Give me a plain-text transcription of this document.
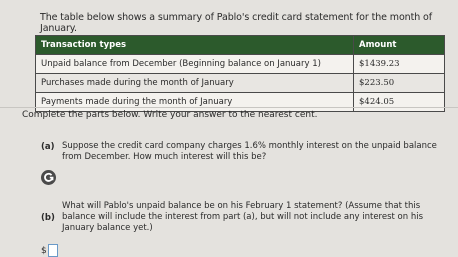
The table below shows a summary of Pablo's credit card statement for the month of January.
Transaction types	Amount
Unpaid balance from December (Beginning balance on January 1)	$1439.23
Purchases made during the month of January	$223.50
Payments made during the month of January	$424.05
Complete the parts below. Write your answer to the nearest cent.
(a) Suppose the credit card company charges 1.6% monthly interest on the unpaid balance
from December. How much interest will this be?
(b)
What will Pablo's unpaid balance be on his February 1 statement? (Assume that this
balance will include the interest from part (a), but will not include any interest on his
January balance yet.)
$
